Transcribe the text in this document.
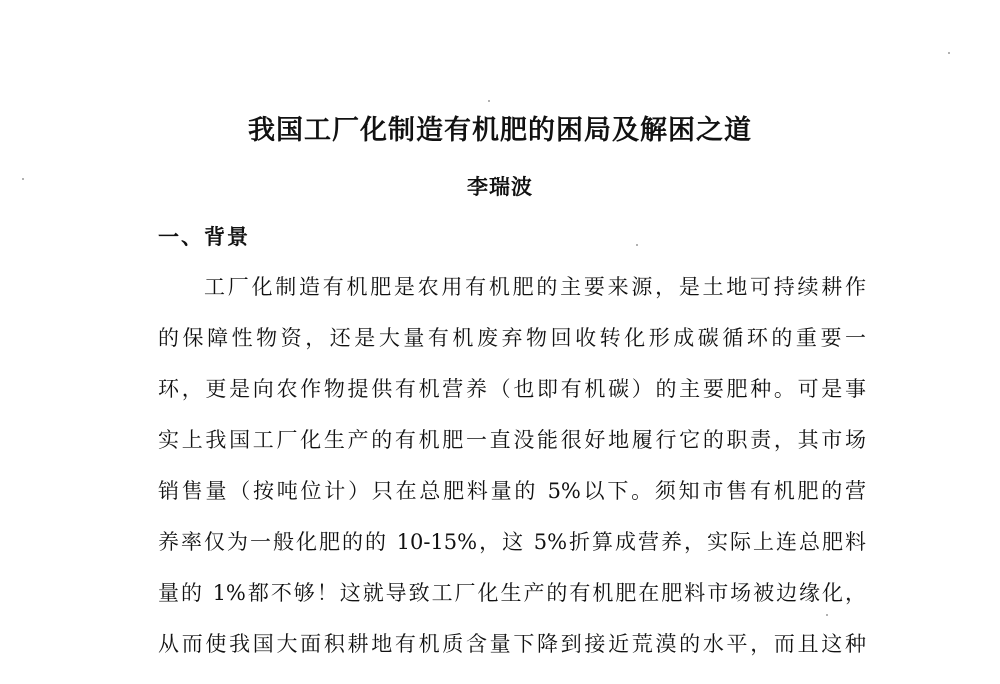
我国工厂化制造有机肥的困局及解困之道
李瑞波
一、背景
工厂化制造有机肥是农用有机肥的主要来源，是土地可持续耕作
的保障性物资，还是大量有机废弃物回收转化形成碳循环的重要一
环，更是向农作物提供有机营养（也即有机碳）的主要肥种。可是事
实上我国工厂化生产的有机肥一直没能很好地履行它的职责，其市场
销售量（按吨位计）只在总肥料量的 5%以下。须知市售有机肥的营
养率仅为一般化肥的的 10-15%，这 5%折算成营养，实际上连总肥料
量的 1%都不够！这就导致工厂化生产的有机肥在肥料市场被边缘化，
从而使我国大面积耕地有机质含量下降到接近荒漠的水平，而且这种
